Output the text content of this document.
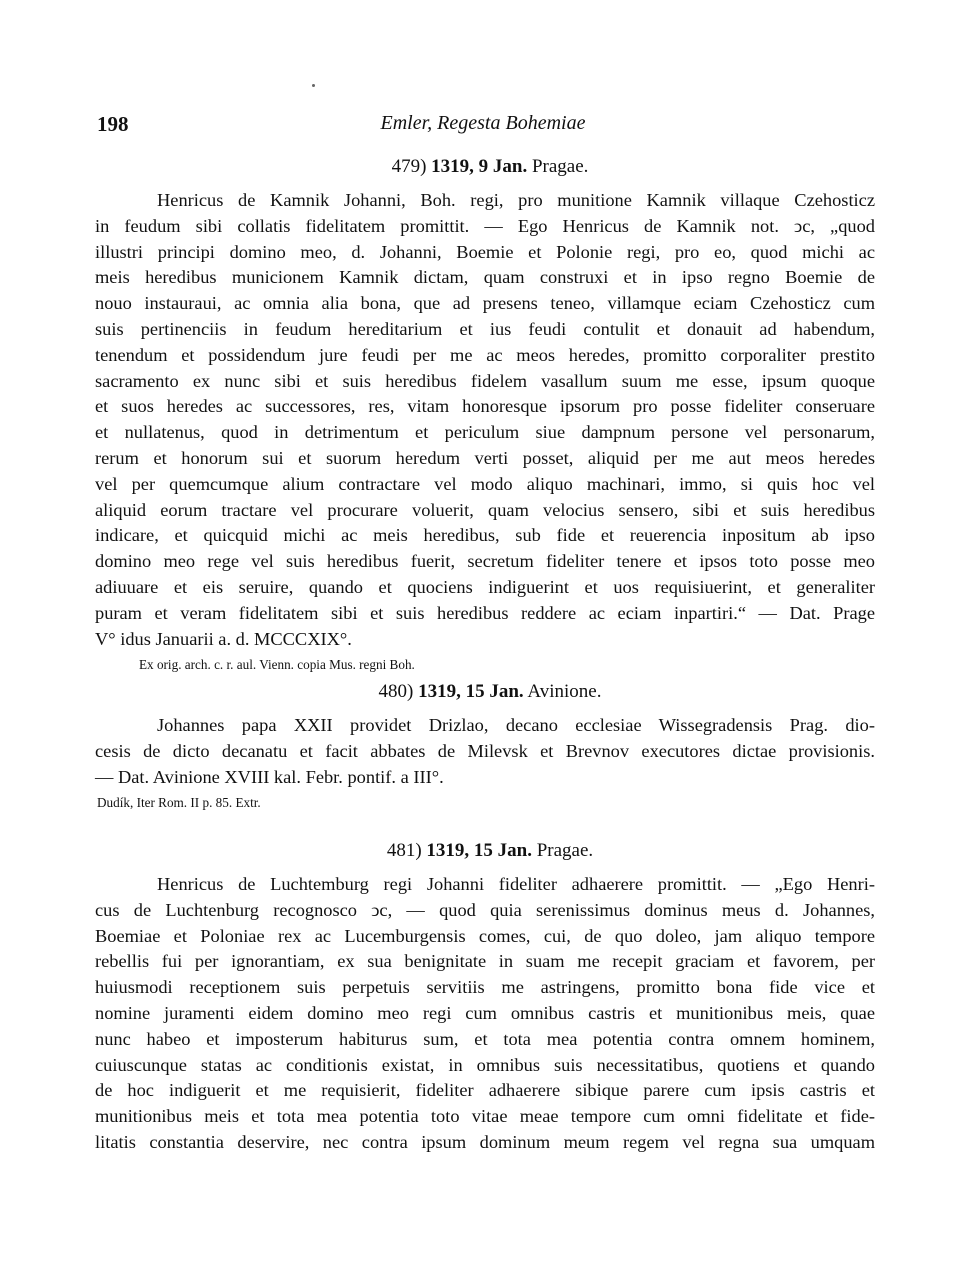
198	Emler, Regesta Bohemiae
479) 1319, 9 Jan. Pragae.
Henricus de Kamnik Johanni, Boh. regi, pro munitione Kamnik villaque Czehosticz
in feudum sibi collatis fidelitatem promittit. — Ego Henricus de Kamnik not. ↄc, „quod
illustri principi domino meo, d. Johanni, Boemie et Polonie regi, pro eo, quod michi ac
meis heredibus municionem Kamnik dictam, quam construxi et in ipso regno Boemie de
nouo instauraui, ac omnia alia bona, que ad presens teneo, villamque eciam Czehosticz cum
suis pertinenciis in feudum hereditarium et ius feudi contulit et donauit ad habendum,
tenendum et possidendum jure feudi per me ac meos heredes, promitto corporaliter prestito
sacramento ex nunc sibi et suis heredibus fidelem vasallum suum me esse, ipsum quoque
et suos heredes ac successores, res, vitam honoresque ipsorum pro posse fideliter conseruare
et nullatenus, quod in detrimentum et periculum siue dampnum persone vel personarum,
rerum et honorum sui et suorum heredum verti posset, aliquid per me aut meos heredes
vel per quemcumque alium contractare vel modo aliquo machinari, immo, si quis hoc vel
aliquid eorum tractare vel procurare voluerit, quam velocius sensero, sibi et suis heredibus
indicare, et quicquid michi ac meis heredibus, sub fide et reuerencia inpositum ab ipso
domino meo rege vel suis heredibus fuerit, secretum fideliter tenere et ipsos toto posse meo
adiuuare et eis seruire, quando et quociens indiguerint et uos requisiuerint, et generaliter
puram et veram fidelitatem sibi et suis heredibus reddere ac eciam inpartiri.“ — Dat. Prage
V° idus Januarii a. d. MCCCXIX°.
Ex orig. arch. c. r. aul. Vienn. copia Mus. regni Boh.
480) 1319, 15 Jan. Avinione.
Johannes papa XXII providet Drizlao, decano ecclesiae Wissegradensis Prag. dio-
cesis de dicto decanatu et facit abbates de Milevsk et Brevnov executores dictae provisionis.
— Dat. Avinione XVIII kal. Febr. pontif. a III°.
Dudík, Iter Rom. II p. 85. Extr.
481) 1319, 15 Jan. Pragae.
Henricus de Luchtemburg regi Johanni fideliter adhaerere promittit. — „Ego Henri-
cus de Luchtenburg recognosco ↄc, — quod quia serenissimus dominus meus d. Johannes,
Boemiae et Poloniae rex ac Lucemburgensis comes, cui, de quo doleo, jam aliquo tempore
rebellis fui per ignorantiam, ex sua benignitate in suam me recepit graciam et favorem, per
huiusmodi receptionem suis perpetuis servitiis me astringens, promitto bona fide vice et
nomine juramenti eidem domino meo regi cum omnibus castris et munitionibus meis, quae
nunc habeo et imposterum habiturus sum, et tota mea potentia contra omnem hominem,
cuiuscunque statas ac conditionis existat, in omnibus suis necessitatibus, quotiens et quando
de hoc indiguerit et me requisierit, fideliter adhaerere sibique parere cum ipsis castris et
munitionibus meis et tota mea potentia toto vitae meae tempore cum omni fidelitate et fide-
litatis constantia deservire, nec contra ipsum dominum meum regem vel regna sua umquam
